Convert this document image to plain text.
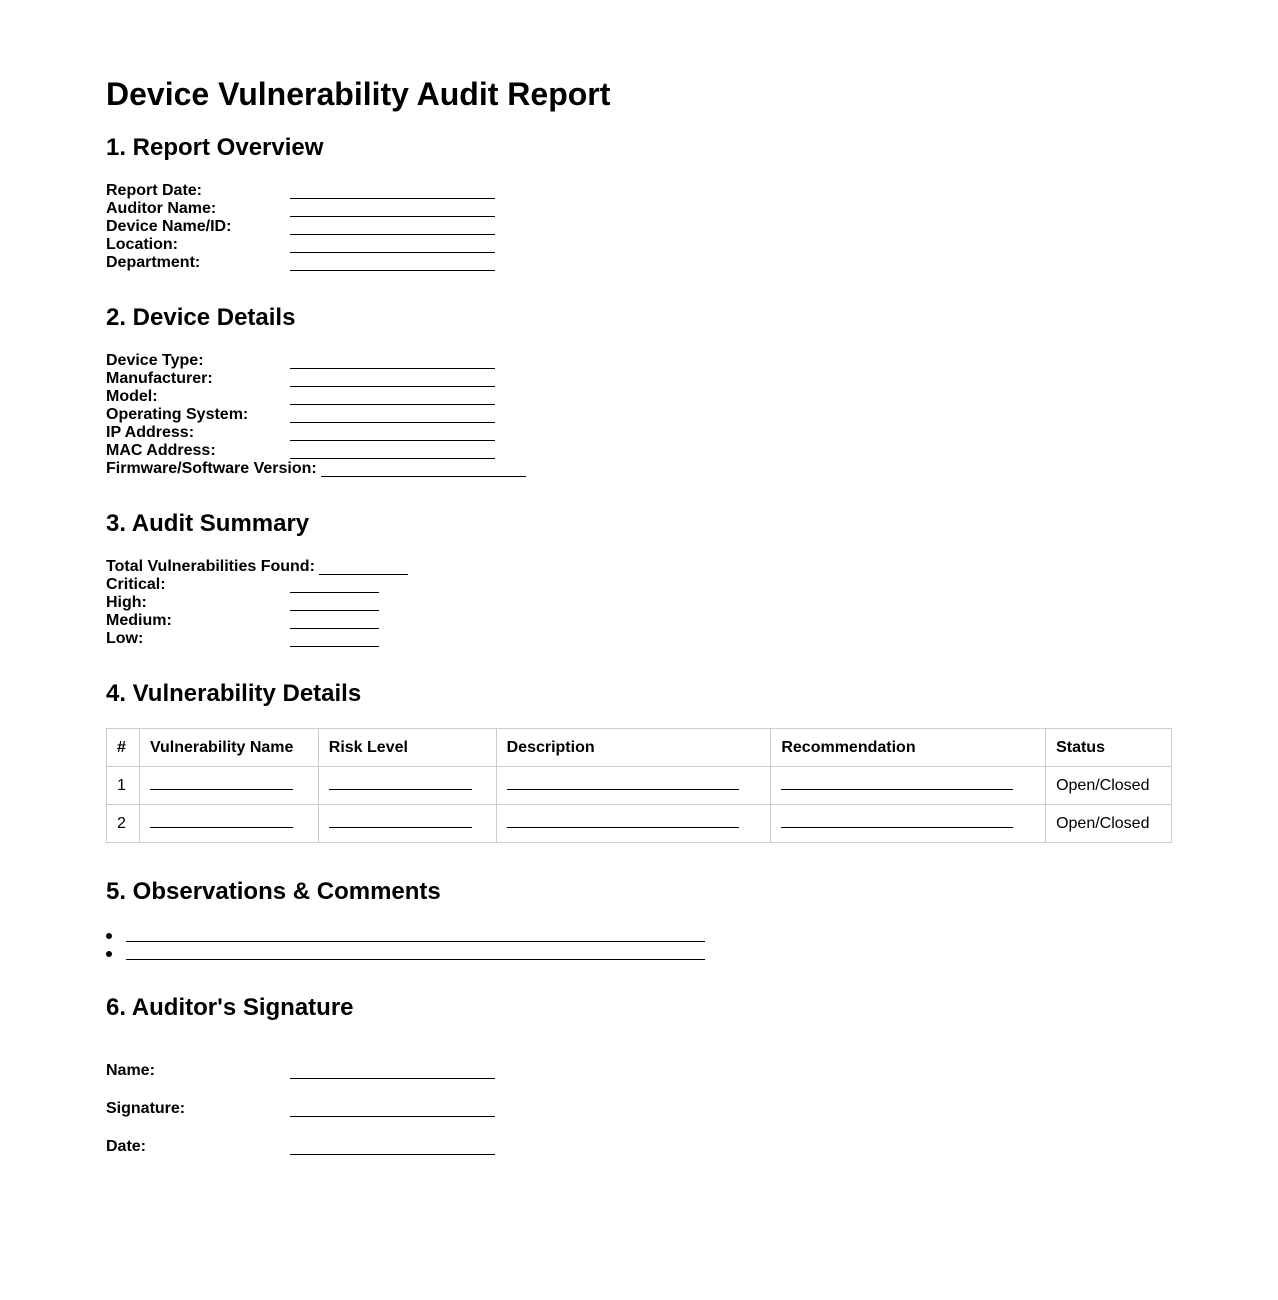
Device Vulnerability Audit Report
1. Report Overview
Report Date:
Auditor Name:
Device Name/ID:
Location:
Department:
2. Device Details
Device Type:
Manufacturer:
Model:
Operating System:
IP Address:
MAC Address:
Firmware/Software Version:
3. Audit Summary
Total Vulnerabilities Found:
Critical:
High:
Medium:
Low:
4. Vulnerability Details
#	Vulnerability Name	Risk Level	Description	Recommendation	Status
1					Open/Closed
2					Open/Closed
5. Observations & Comments
6. Auditor's Signature
Name:
Signature:
Date:
